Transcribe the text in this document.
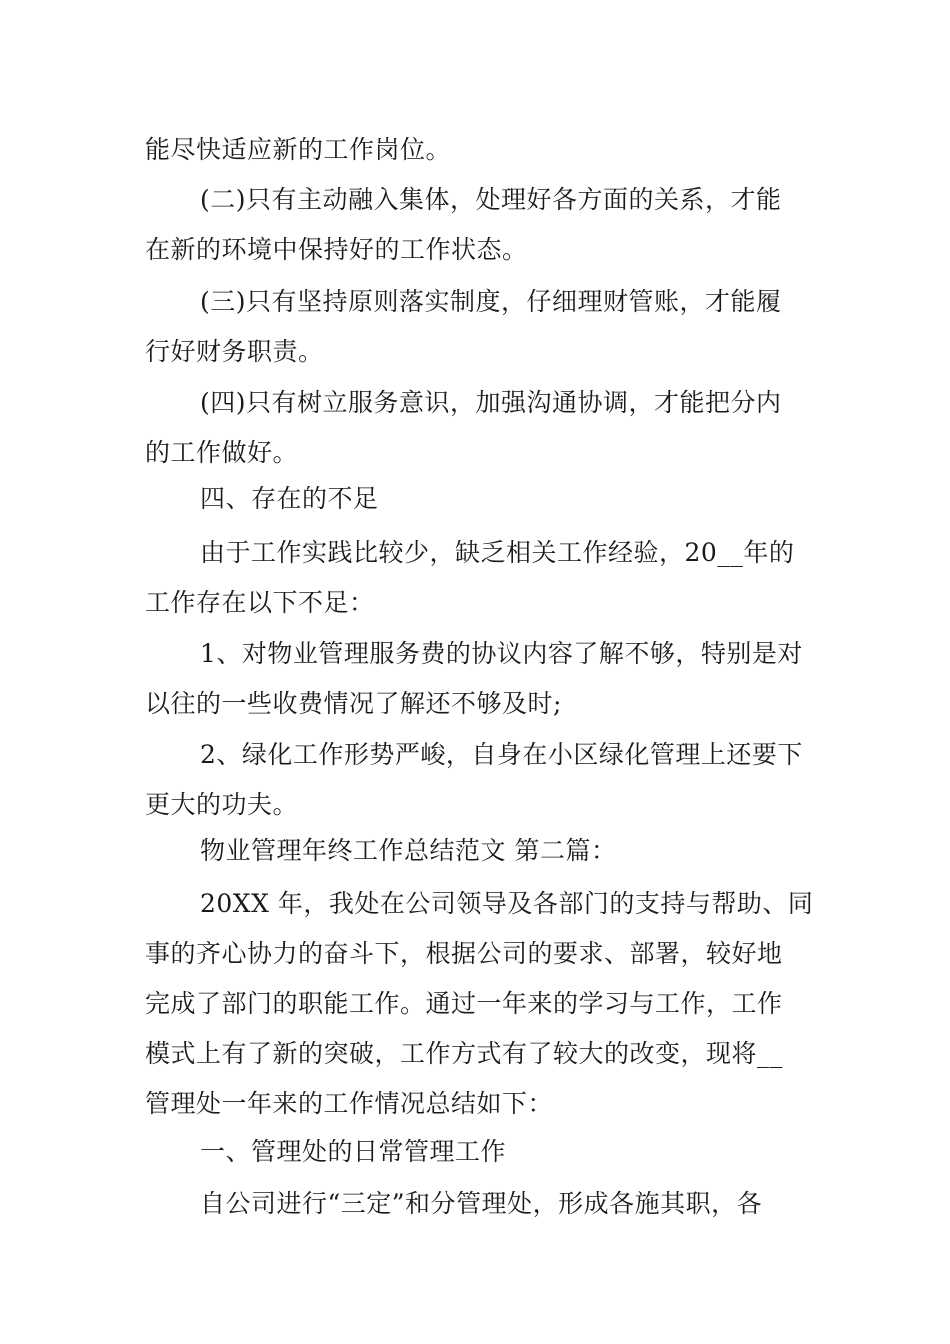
能尽快适应新的工作岗位。
(二)只有主动融入集体，处理好各方面的关系，才能
在新的环境中保持好的工作状态。
(三)只有坚持原则落实制度，仔细理财管账，才能履
行好财务职责。
(四)只有树立服务意识，加强沟通协调，才能把分内
的工作做好。
四、存在的不足
由于工作实践比较少，缺乏相关工作经验，20__年的
工作存在以下不足：
1、对物业管理服务费的协议内容了解不够，特别是对
以往的一些收费情况了解还不够及时;
2、绿化工作形势严峻，自身在小区绿化管理上还要下
更大的功夫。
物业管理年终工作总结范文 第二篇：
20XX 年，我处在公司领导及各部门的支持与帮助、同
事的齐心协力的奋斗下，根据公司的要求、部署，较好地
完成了部门的职能工作。通过一年来的学习与工作，工作
模式上有了新的突破，工作方式有了较大的改变，现将__
管理处一年来的工作情况总结如下：
一、管理处的日常管理工作
自公司进行“三定”和分管理处，形成各施其职，各
